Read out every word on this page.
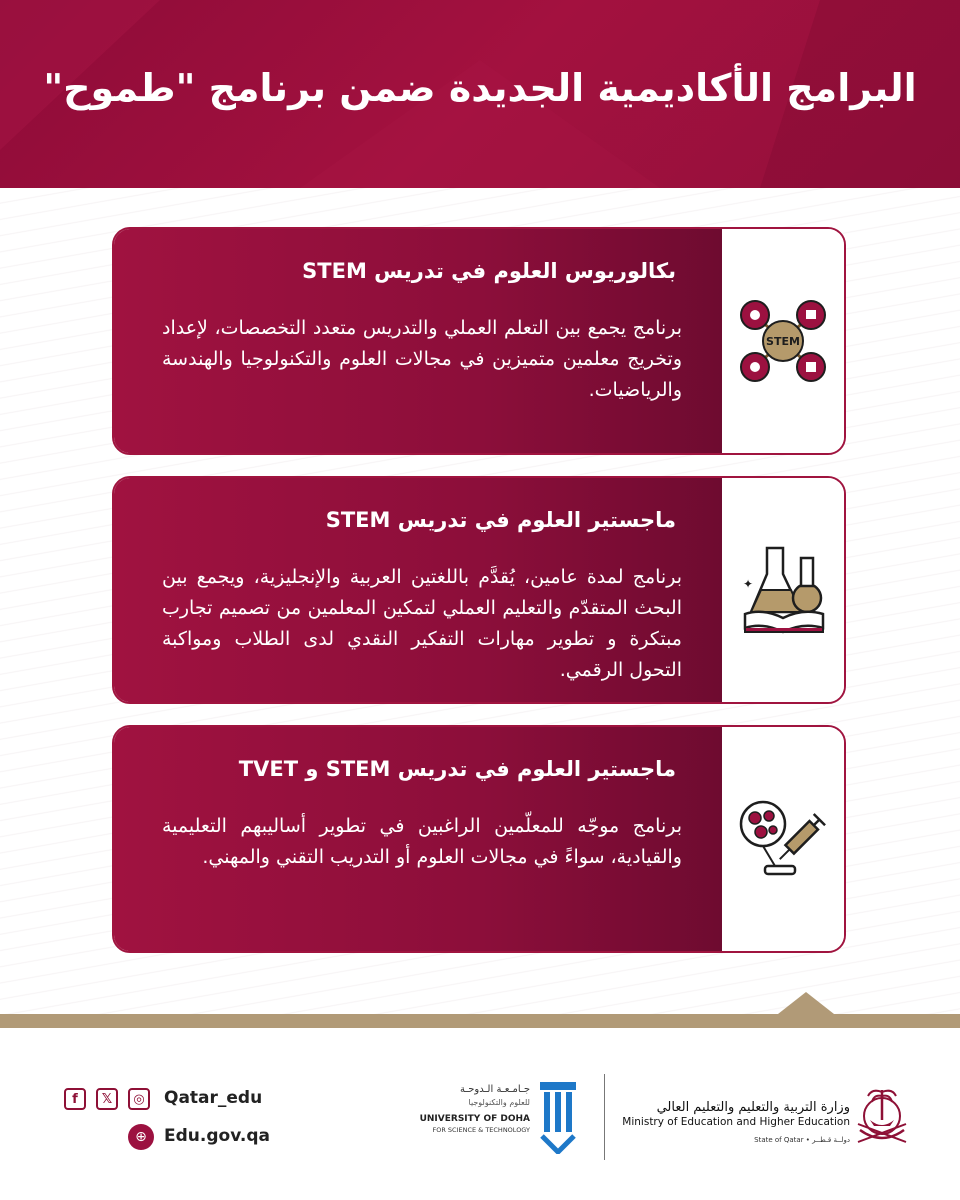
البرامج الأكاديمية الجديدة ضمن برنامج "طموح"
STEM
بكالوريوس العلوم في تدريس STEM

برنامج يجمع بين التعلم العملي والتدريس متعدد التخصصات، لإعداد وتخريج معلمين متميزين في مجالات العلوم والتكنولوجيا والهندسة والرياضيات.

✦
ماجستير العلوم في تدريس STEM

برنامج لمدة عامين، يُقدَّم باللغتين العربية والإنجليزية، ويجمع بين البحث المتقدّم والتعليم العملي لتمكين المعلمين من تصميم تجارب مبتكرة و تطوير مهارات التفكير النقدي لدى الطلاب ومواكبة التحول الرقمي.

ماجستير العلوم في تدريس STEM و TVET

برنامج موجّه للمعلّمين الراغبين في تطوير أساليبهم التعليمية والقيادية، سواءً في مجالات العلوم أو التدريب التقني والمهني.

f	𝕏	◎	Qatar_edu
⊕	Edu.gov.qa
جـامـعـة الـدوحـة
للعلوم والتكنولوجيا
UNIVERSITY OF DOHA
FOR SCIENCE & TECHNOLOGY
وزارة التربية والتعليم والتعليم العالي
Ministry of Education and Higher Education
State of Qatar • دولــة قـطــر
